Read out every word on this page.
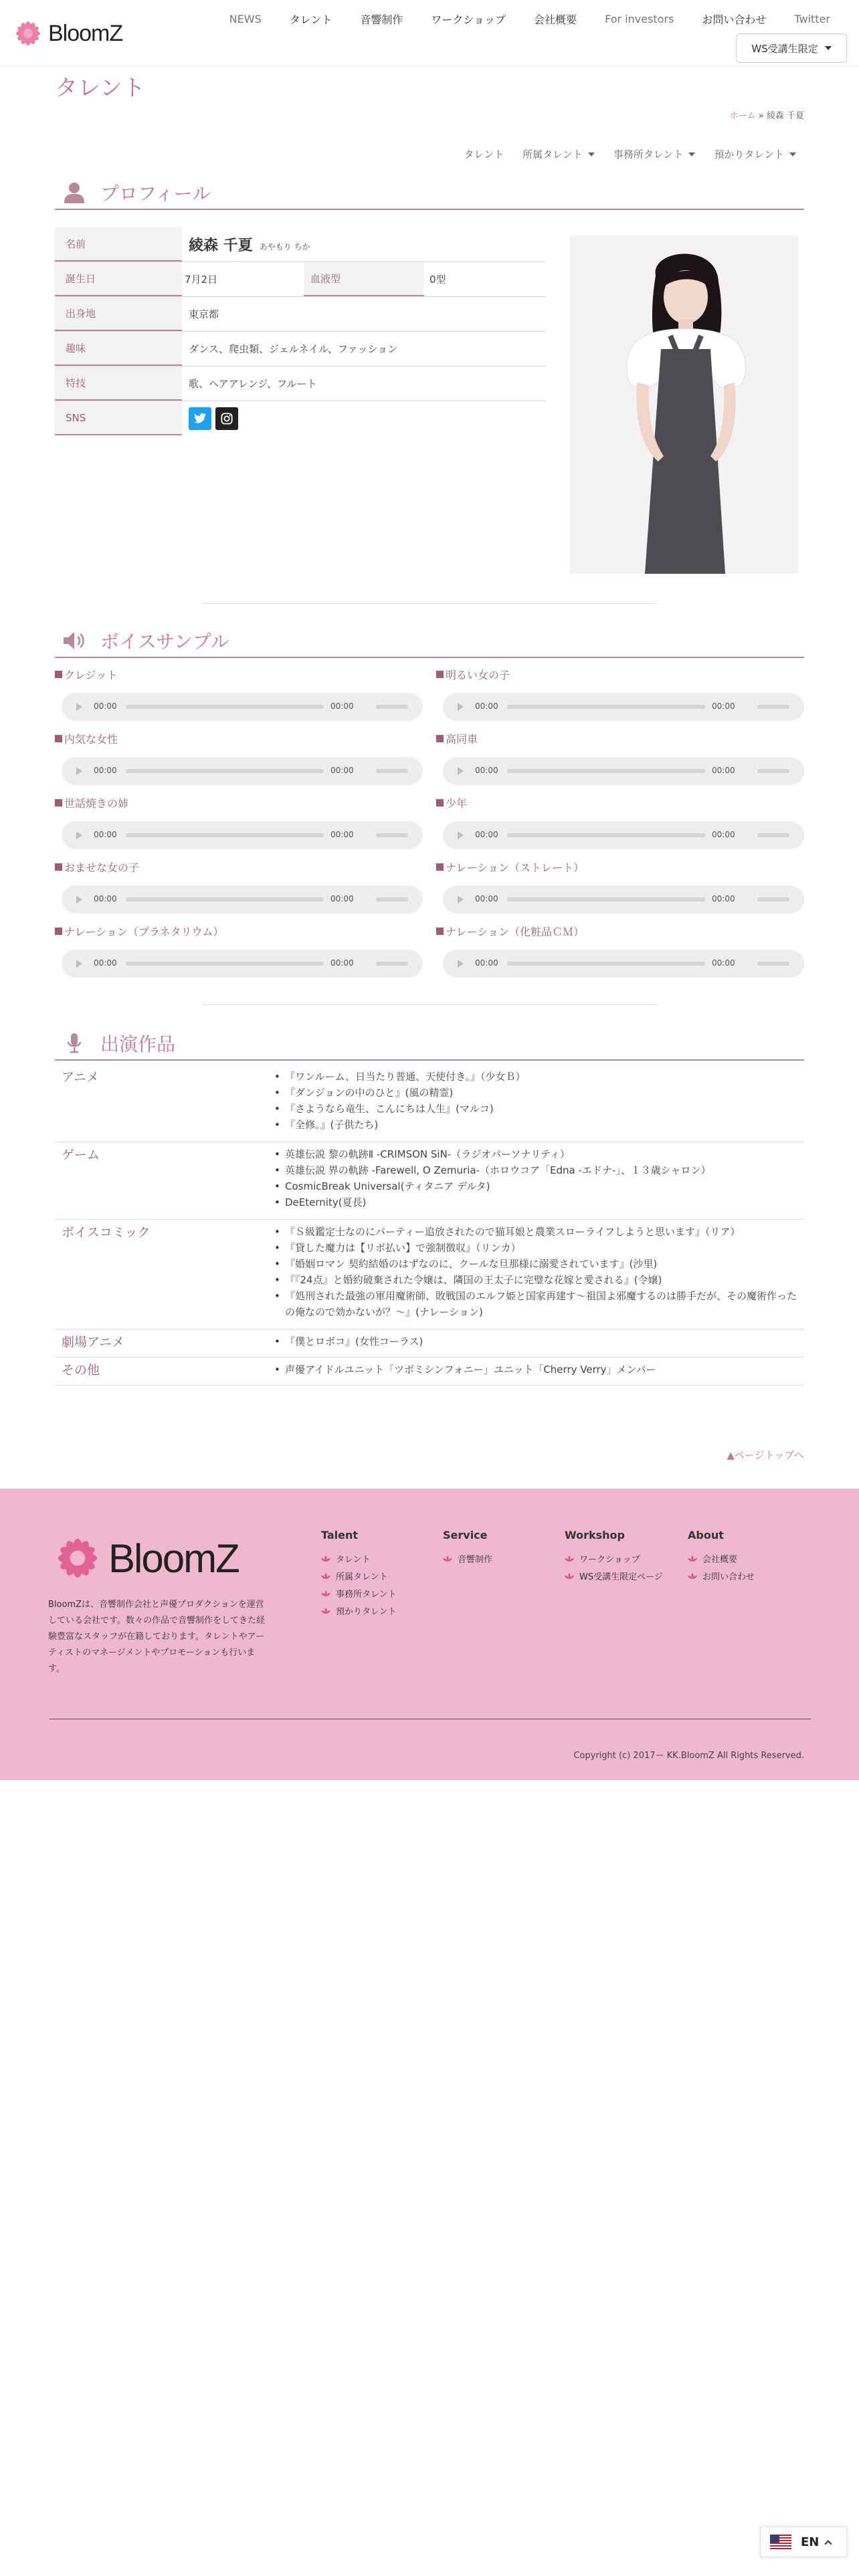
BloomZ
NEWS	タレント	音響制作	ワークショップ	会社概要	For investors	お問い合わせ	Twitter
WS受講生限定
タレント
ホーム » 綾森 千夏
タレント 所属タレント	事務所タレント	預かりタレント
プロフィール
名前	綾森 千夏 あやもり ちか
誕生日	7月2日	血液型	0型
出身地	東京都
趣味	ダンス、爬虫類、ジェルネイル、ファッション
特技	歌、ヘアアレンジ、フルート
SNS
ボイスサンプル
クレジット
00:00	00:00
明るい女の子
00:00	00:00
内気な女性
00:00	00:00
高同車
00:00	00:00
世話焼きの姉
00:00	00:00
少年
00:00	00:00
おませな女の子
00:00	00:00
ナレーション（ストレート）
00:00	00:00
ナレーション（プラネタリウム）
00:00	00:00
ナレーション（化粧品ＣＭ）
00:00	00:00
出演作品
アニメ	• 『ワンルーム、日当たり普通、天使付き。』（少女Ｂ）
• 『ダンジョンの中のひと』(風の精霊)
• 『さようなら竜生、こんにちは人生』(マルコ)
• 『全修。』(子供たち)
ゲーム	• 英雄伝説 黎の軌跡Ⅱ -CRIMSON SiN-（ラジオパーソナリティ）
• 英雄伝説 界の軌跡 -Farewell, O Zemuria-（ホロウコア「Edna -エドナ-」、１３歳シャロン）
• CosmicBreak Universal(ティタニア デルタ)
• DeEternity(夏長)
ボイスコミック	• 『Ｓ級鑑定士なのにパーティー追放されたので猫耳娘と農業スローライフしようと思います』（リア）
• 『貸した魔力は【リボ払い】で強制徴収』（リンカ）
• 『婚姻ロマン 契約結婚のはずなのに、クールな旦那様に溺愛されています』(沙里)
• 『『24点』と婚約破棄された令嬢は、隣国の王太子に完璧な花嫁と愛される』(令嬢)
• 『処刑された最強の軍用魔術師、敗戦国のエルフ姫と国家再建す〜祖国よ邪魔するのは勝手だが、その魔術作ったの俺なので効かないが？〜』(ナレーション)
劇場アニメ	• 『僕とロボコ』(女性コーラス)
その他	• 声優アイドルユニット「ツボミシンフォニー」ユニット「Cherry Verry」メンバー
▲ページトップへ
BloomZ

BloomZは、音響制作会社と声優プロダクションを運営している会社です。数々の作品で音響制作をしてきた経験豊富なスタッフが在籍しております。タレントやアーティストのマネージメントやプロモーションも行います。

Talent
タレント
所属タレント
事務所タレント
預かりタレント
Service
音響制作
Workshop
ワークショップ
WS受講生限定ページ
About
会社概要
お問い合わせ
Copyright (c) 2017ー KK.BloomZ All Rights Reserved.
EN
